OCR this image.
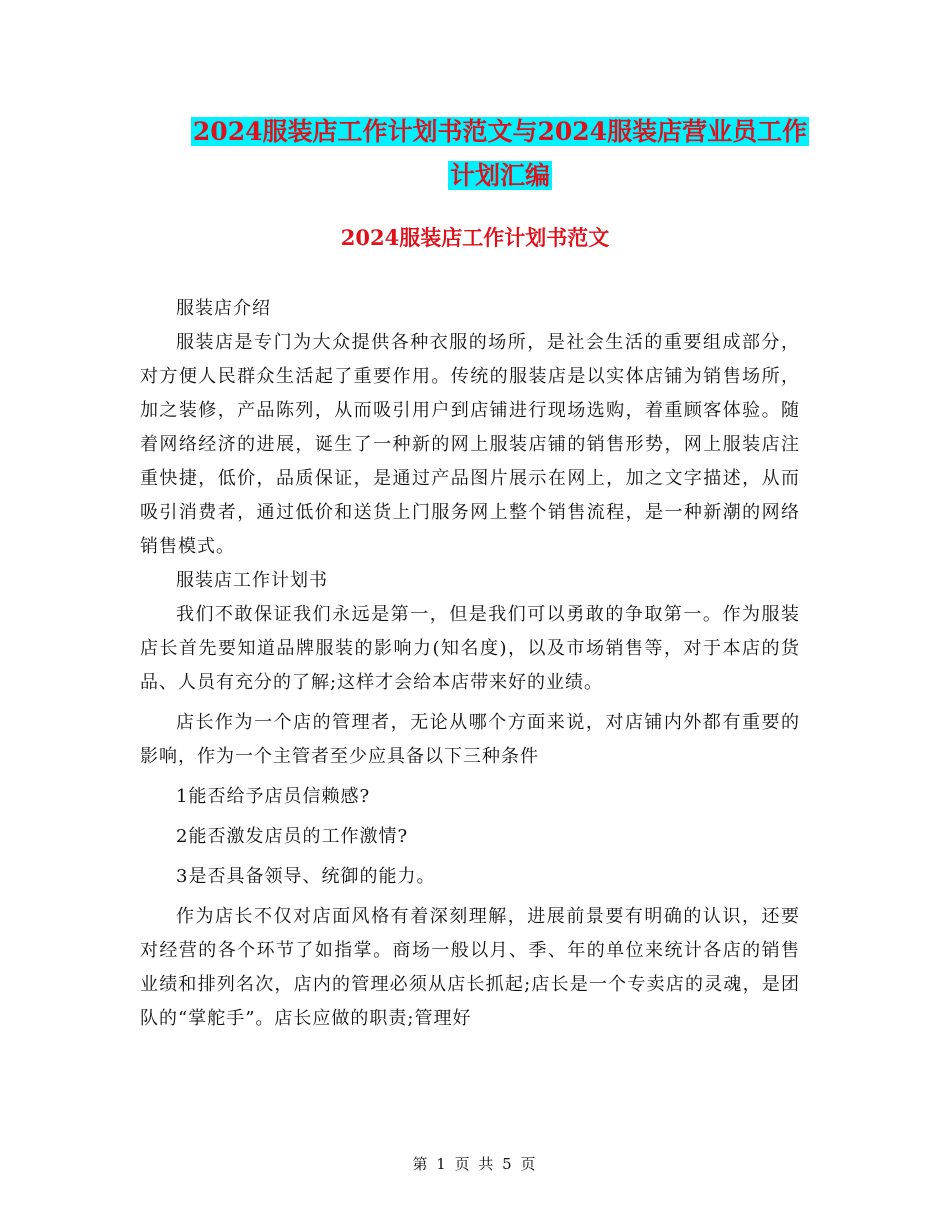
2024服装店工作计划书范文与2024服装店营业员工作
计划汇编
2024服装店工作计划书范文

服装店介绍

服装店是专门为大众提供各种衣服的场所，是社会生活的重要组成部分，对方便人民群众生活起了重要作用。传统的服装店是以实体店铺为销售场所，加之装修，产品陈列，从而吸引用户到店铺进行现场选购，着重顾客体验。随着网络经济的进展，诞生了一种新的网上服装店铺的销售形势，网上服装店注重快捷，低价，品质保证，是通过产品图片展示在网上，加之文字描述，从而吸引消费者，通过低价和送货上门服务网上整个销售流程，是一种新潮的网络销售模式。

服装店工作计划书

我们不敢保证我们永远是第一，但是我们可以勇敢的争取第一。作为服装店长首先要知道品牌服装的影响力(知名度)，以及市场销售等，对于本店的货品、人员有充分的了解;这样才会给本店带来好的业绩。

店长作为一个店的管理者，无论从哪个方面来说，对店铺内外都有重要的影响，作为一个主管者至少应具备以下三种条件

1能否给予店员信赖感?

2能否激发店员的工作激情?

3是否具备领导、统御的能力。

作为店长不仅对店面风格有着深刻理解，进展前景要有明确的认识，还要对经营的各个环节了如指掌。商场一般以月、季、年的单位来统计各店的销售业绩和排列名次，店内的管理必须从店长抓起;店长是一个专卖店的灵魂，是团队的“掌舵手”。店长应做的职责;管理好

第 1 页 共 5 页
